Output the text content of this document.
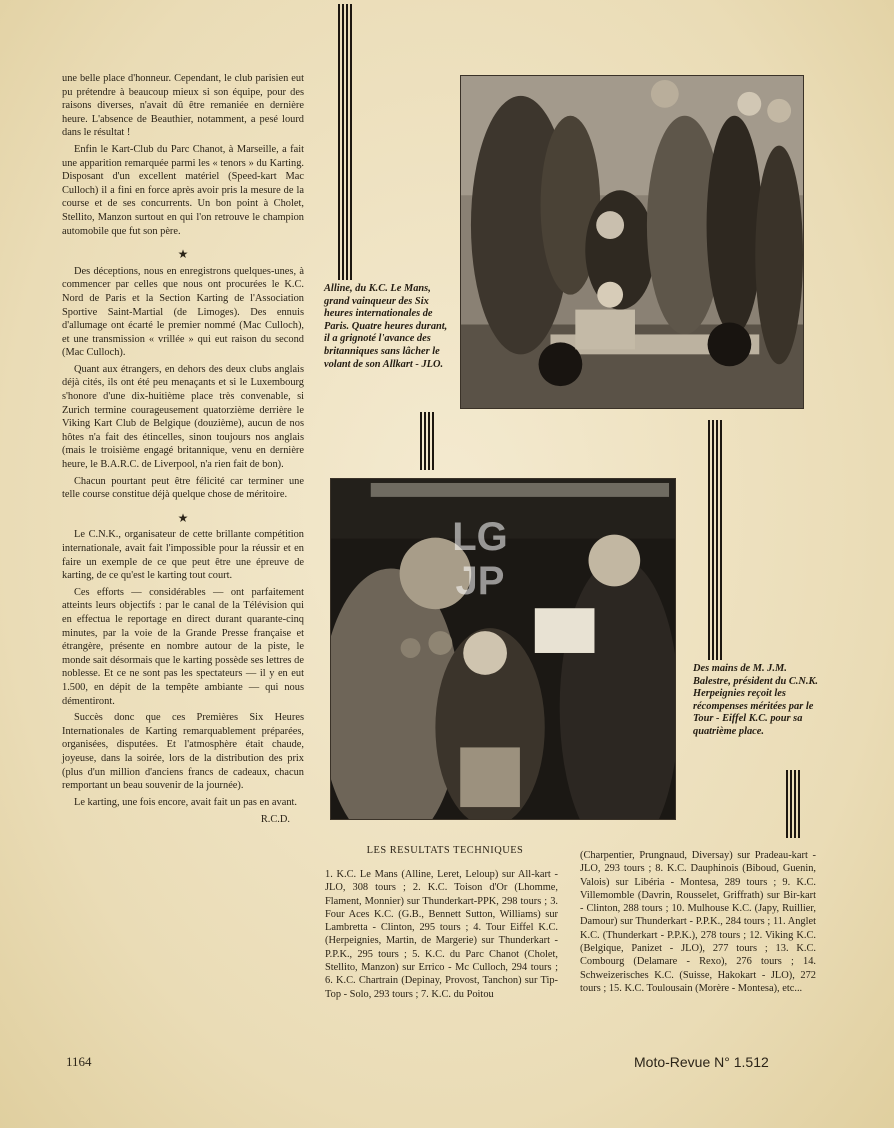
une belle place d'honneur. Cependant, le club parisien eut pu prétendre à beaucoup mieux si son équipe, pour des raisons diverses, n'avait dû être remaniée en dernière heure. L'absence de Beauthier, notamment, a pesé lourd dans le résultat !

Enfin le Kart-Club du Parc Chanot, à Marseille, a fait une apparition remarquée parmi les « tenors » du Karting. Disposant d'un excellent matériel (Speed-kart Mac Culloch) il a fini en force après avoir pris la mesure de la course et de ses concurrents. Un bon point à Cholet, Stellito, Manzon surtout en qui l'on retrouve le champion automobile que fut son père.

★

Des déceptions, nous en enregistrons quelques-unes, à commencer par celles que nous ont procurées le K.C. Nord de Paris et la Section Karting de l'Association Sportive Saint-Martial (de Limoges). Des ennuis d'allumage ont écarté le premier nommé (Mac Culloch), et une transmission « vrillée » qui eut raison du second (Mac Culloch).

Quant aux étrangers, en dehors des deux clubs anglais déjà cités, ils ont été peu menaçants et si le Luxembourg s'honore d'une dix-huitième place très convenable, si Zurich termine courageusement quatorzième derrière le Viking Kart Club de Belgique (douzième), aucun de nos hôtes n'a fait des étincelles, sinon toujours nos anglais (mais le troisième engagé britannique, venu en dernière heure, le B.A.R.C. de Liverpool, n'a rien fait de bon).

Chacun pourtant peut être félicité car terminer une telle course constitue déjà quelque chose de méritoire.

★

Le C.N.K., organisateur de cette brillante compétition internationale, avait fait l'impossible pour la réussir et en faire un exemple de ce que peut être une épreuve de karting, de ce qu'est le karting tout court.

Ces efforts — considérables — ont parfaitement atteints leurs objectifs : par le canal de la Télévision qui en effectua le reportage en direct durant quarante-cinq minutes, par la voie de la Grande Presse française et étrangère, présente en nombre autour de la piste, le monde sait désormais que le karting possède ses lettres de noblesse. Et ce ne sont pas les spectateurs — il y en eut 1.500, en dépit de la tempête ambiante — qui nous démentiront.

Succès donc que ces Premières Six Heures Internationales de Karting remarquablement préparées, organisées, disputées. Et l'atmosphère était chaude, joyeuse, dans la soirée, lors de la distribution des prix (plus d'un million d'anciens francs de cadeaux, chacun remportant un beau souvenir de la journée).

Le karting, une fois encore, avait fait un pas en avant.

R.C.D.

Alline, du K.C. Le Mans, grand vainqueur des Six heures internationales de Paris. Quatre heures durant, il a grignoté l'avance des britanniques sans lâcher le volant de son Allkart - JLO.
LG JP
Des mains de M. J.M. Balestre, président du C.N.K. Herpeignies reçoit les récompenses méritées par le Tour - Eiffel K.C. pour sa quatrième place.
LES RESULTATS TECHNIQUES
1. K.C. Le Mans (Alline, Leret, Leloup) sur All-kart - JLO, 308 tours ; 2. K.C. Toison d'Or (Lhomme, Flament, Monnier) sur Thunderkart-PPK, 298 tours ; 3. Four Aces K.C. (G.B., Bennett Sutton, Williams) sur Lambretta - Clinton, 295 tours ; 4. Tour Eiffel K.C. (Herpeignies, Martin, de Margerie) sur Thunderkart - P.P.K., 295 tours ; 5. K.C. du Parc Chanot (Cholet, Stellito, Manzon) sur Errico - Mc Culloch, 294 tours ; 6. K.C. Chartrain (Depinay, Provost, Tanchon) sur Tip-Top - Solo, 293 tours ; 7. K.C. du Poitou
(Charpentier, Prungnaud, Diversay) sur Pradeau-kart - JLO, 293 tours ; 8. K.C. Dauphinois (Biboud, Guenin, Valois) sur Libéria - Montesa, 289 tours ; 9. K.C. Villemomble (Davrin, Rousselet, Griffrath) sur Bir-kart - Clinton, 288 tours ; 10. Mulhouse K.C. (Japy, Ruillier, Damour) sur Thunderkart - P.P.K., 284 tours ; 11. Anglet K.C. (Thunderkart - P.P.K.), 278 tours ; 12. Viking K.C. (Belgique, Panizet - JLO), 277 tours ; 13. K.C. Combourg (Delamare - Rexo), 276 tours ; 14. Schweizerisches K.C. (Suisse, Hakokart - JLO), 272 tours ; 15. K.C. Toulousain (Morère - Montesa), etc...
1164	Moto-Revue N° 1.512
